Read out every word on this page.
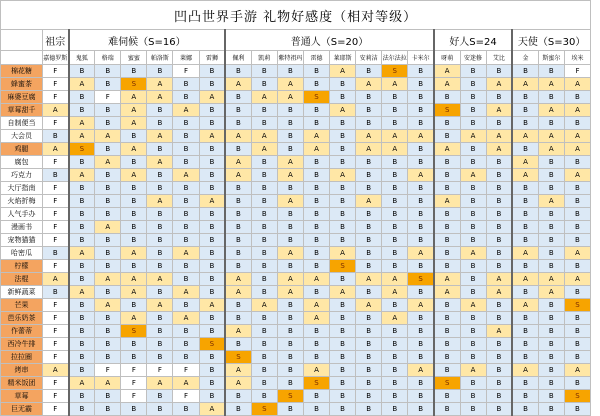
凹凸世界手游 礼物好感度（相对等级）																					
	祖宗	难伺候（S=16）						普通人（S=20）								好人S=24			天使（S=30）		
	嘉德罗斯	鬼狐	格瑞	蜜蜜	帕洛斯	莱娜	雷狮	佩利	凯莉	紫特祖玛	雷德	莱耶斯	安莉洁	法尔法拉	卡米尔	呀萌	安迷修	艾比	金	斯蜜尔	埃米
棉花糖	F	B	B	B	B	F	B	B	B	B	B	A	B	S	B	A	B	B	B	B	F
蜂蜜茶	F	A	B	S	A	B	B	A	B	A	B	B	A	A	B	A	B	A	A	A	A
麻婆豆腐	F	B	F	A	A	B	A	B	A	A	S	B	B	B	B	B	B	B	B	B	B
草莓甜千	A	B	B	A	B	A	B	B	B	B	B	A	B	B	B	S	B	A	B	A	A
自制便当	F	A	B	A	B	B	B	B	B	B	B	B	B	B	B	B	B	B	B	B	B
大会员	B	A	A	B	A	B	A	A	A	B	A	B	A	A	A	B	A	A	A	A	A
鸡腿	A	S	B	A	B	B	B	B	A	B	A	B	A	A	B	A	B	A	B	A	A
腐包	F	B	A	B	A	B	B	A	B	A	B	B	B	B	B	B	B	B	A	B	B
巧克力	B	A	B	A	B	A	B	A	B	A	B	A	B	B	A	B	A	B	A	B	A
大厅指南	F	B	B	B	B	B	B	B	B	B	B	B	B	B	B	B	B	B	B	B	B
火焰折梅	F	B	B	B	A	B	A	B	B	A	B	B	A	B	B	A	B	B	B	A	B
人气手办	F	B	B	B	B	B	B	B	B	B	B	B	B	B	B	B	B	B	B	B	B
漫画书	F	B	A	B	B	B	B	B	B	B	B	B	B	B	B	B	B	B	B	B	B
宠物猫猫	F	B	B	B	B	B	B	B	B	B	B	B	B	B	B	B	B	B	B	B	B
哈密瓜	B	A	B	A	B	A	B	B	B	A	B	A	B	B	A	B	A	B	A	B	A
柠檬	F	B	B	B	B	B	B	B	B	B	B	S	B	B	B	B	B	B	B	B	B
法棍	A	B	A	A	A	B	B	A	B	A	A	B	A	A	S	A	B	A	A	A	A
新鲜蔬菜	B	A	B	A	B	A	B	A	B	A	B	A	B	A	B	A	B	A	B	A	B
芒果	F	B	A	B	A	B	A	B	A	B	A	B	A	B	A	B	A	B	A	B	S
芭乐奶茶	F	B	B	A	B	A	B	B	B	B	A	B	B	A	B	B	B	B	B	B	B
作蕾蒂	F	B	B	S	B	B	B	A	B	B	B	B	B	B	B	B	B	A	B	B	B
西冷牛排	F	B	B	B	B	B	S	B	B	B	B	B	B	B	B	B	B	B	B	B	B
拉拉圈	F	B	B	B	B	B	B	S	B	B	B	B	B	B	B	B	B	B	B	B	B
烤串	A	B	F	F	F	F	B	A	B	B	A	B	B	B	A	B	A	B	A	B	A
精米饭团	F	A	A	F	A	A	B	A	B	B	S	B	B	B	B	S	B	B	B	B	B
草莓	F	B	B	F	B	F	B	B	B	S	B	B	B	B	B	B	B	B	B	B	S
巨无霸	F	B	B	B	B	B	A	B	S	B	B	B	B	B	B	B	B	B	B	B	B
